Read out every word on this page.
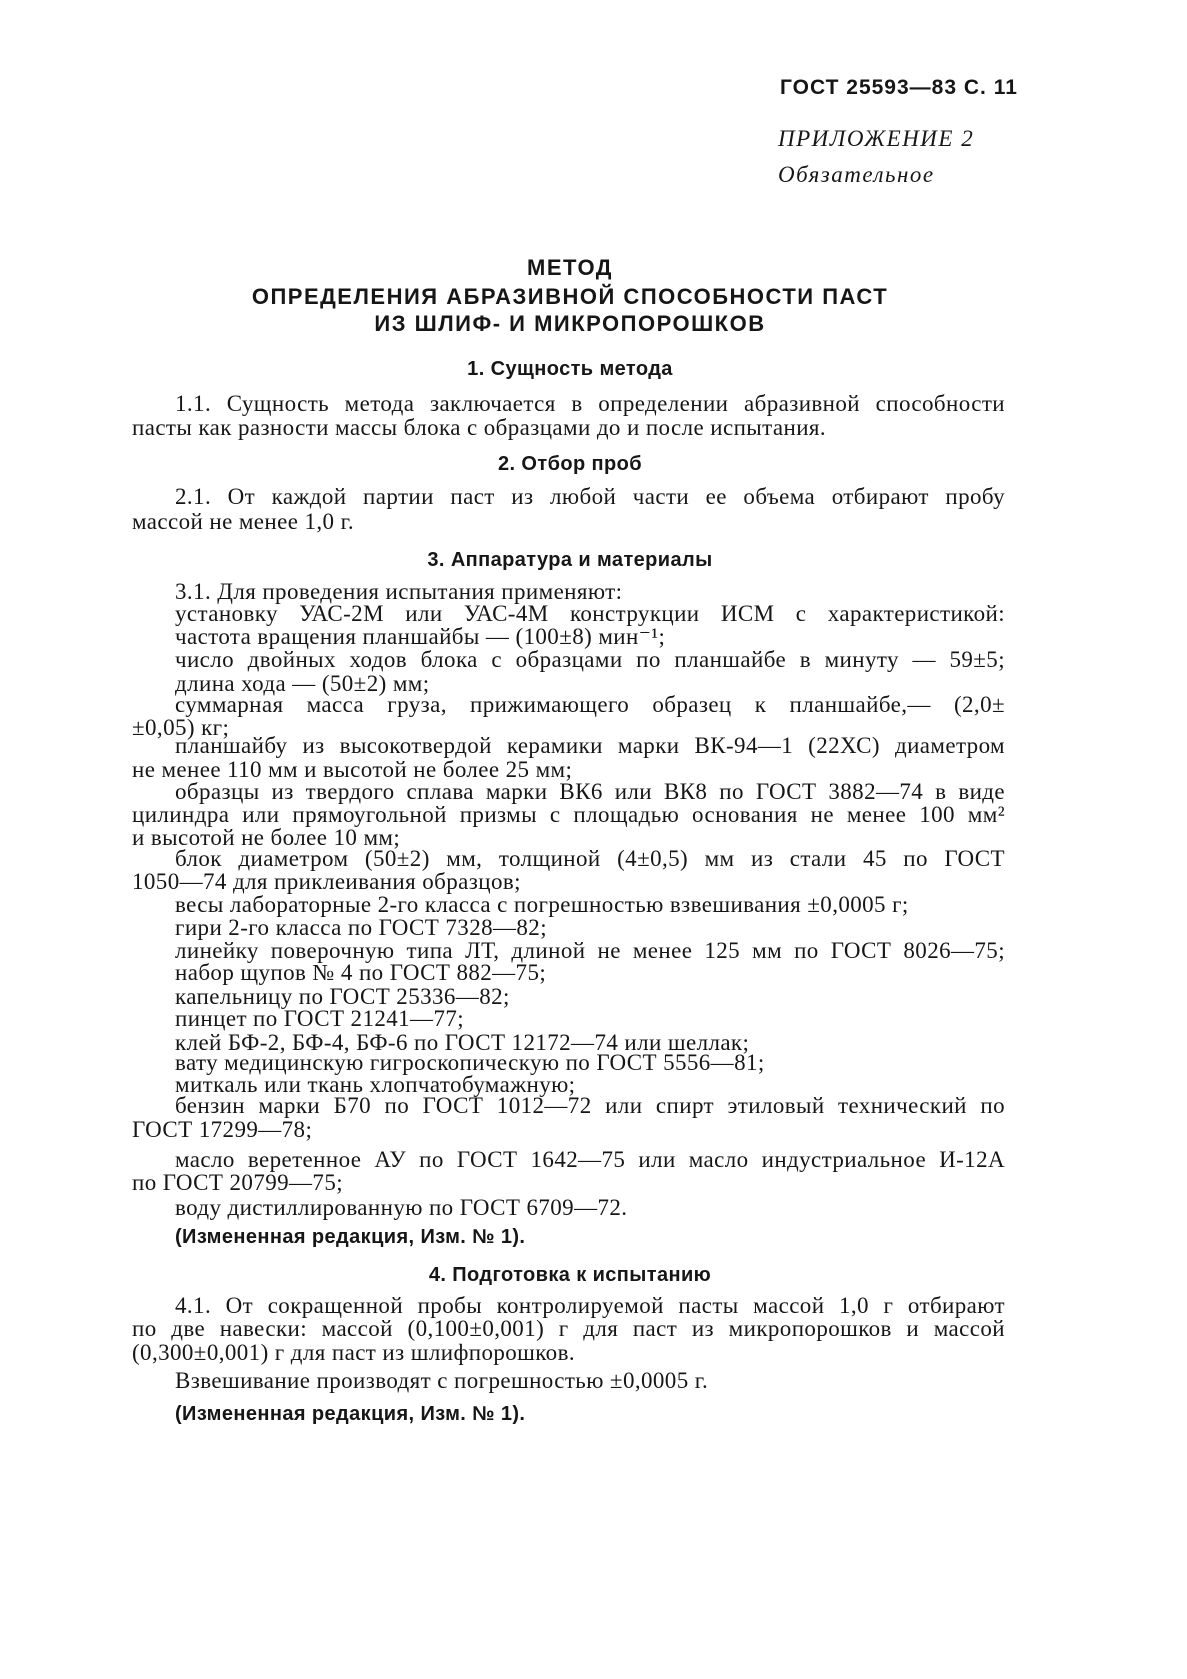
ГОСТ 25593—83 С. 11
ПРИЛОЖЕНИЕ 2
Обязательное
МЕТОД
ОПРЕДЕЛЕНИЯ АБРАЗИВНОЙ СПОСОБНОСТИ ПАСТ
ИЗ ШЛИФ- И МИКРОПОРОШКОВ
1. Сущность метода
1.1. Сущность метода заключается в определении абразивной способности
пасты как разности массы блока с образцами до и после испытания.
2. Отбор проб
2.1. От каждой партии паст из любой части ее объема отбирают пробу
массой не менее 1,0 г.
3. Аппаратура и материалы
3.1. Для проведения испытания применяют:
установку УАС-2М или УАС-4М конструкции ИСМ с характеристикой:
частота вращения планшайбы — (100±8) мин⁻¹;
число двойных ходов блока с образцами по планшайбе в минуту — 59±5;
длина хода — (50±2) мм;
суммарная масса груза, прижимающего образец к планшайбе,— (2,0±
±0,05) кг;
планшайбу из высокотвердой керамики марки ВК-94—1 (22ХС) диаметром
не менее 110 мм и высотой не более 25 мм;
образцы из твердого сплава марки ВК6 или ВК8 по ГОСТ 3882—74 в виде
цилиндра или прямоугольной призмы с площадью основания не менее 100 мм²
и высотой не более 10 мм;
блок диаметром (50±2) мм, толщиной (4±0,5) мм из стали 45 по ГОСТ
1050—74 для приклеивания образцов;
весы лабораторные 2-го класса с погрешностью взвешивания ±0,0005 г;
гири 2-го класса по ГОСТ 7328—82;
линейку поверочную типа ЛТ, длиной не менее 125 мм по ГОСТ 8026—75;
набор щупов № 4 по ГОСТ 882—75;
капельницу по ГОСТ 25336—82;
пинцет по ГОСТ 21241—77;
клей БФ-2, БФ-4, БФ-6 по ГОСТ 12172—74 или шеллак;
вату медицинскую гигроскопическую по ГОСТ 5556—81;
миткаль или ткань хлопчатобумажную;
бензин марки Б70 по ГОСТ 1012—72 или спирт этиловый технический по
ГОСТ 17299—78;
масло веретенное АУ по ГОСТ 1642—75 или масло индустриальное И-12А
по ГОСТ 20799—75;
воду дистиллированную по ГОСТ 6709—72.
(Измененная редакция, Изм. № 1).
4. Подготовка к испытанию
4.1. От сокращенной пробы контролируемой пасты массой 1,0 г отбирают
по две навески: массой (0,100±0,001) г для паст из микропорошков и массой
(0,300±0,001) г для паст из шлифпорошков.
Взвешивание производят с погрешностью ±0,0005 г.
(Измененная редакция, Изм. № 1).
